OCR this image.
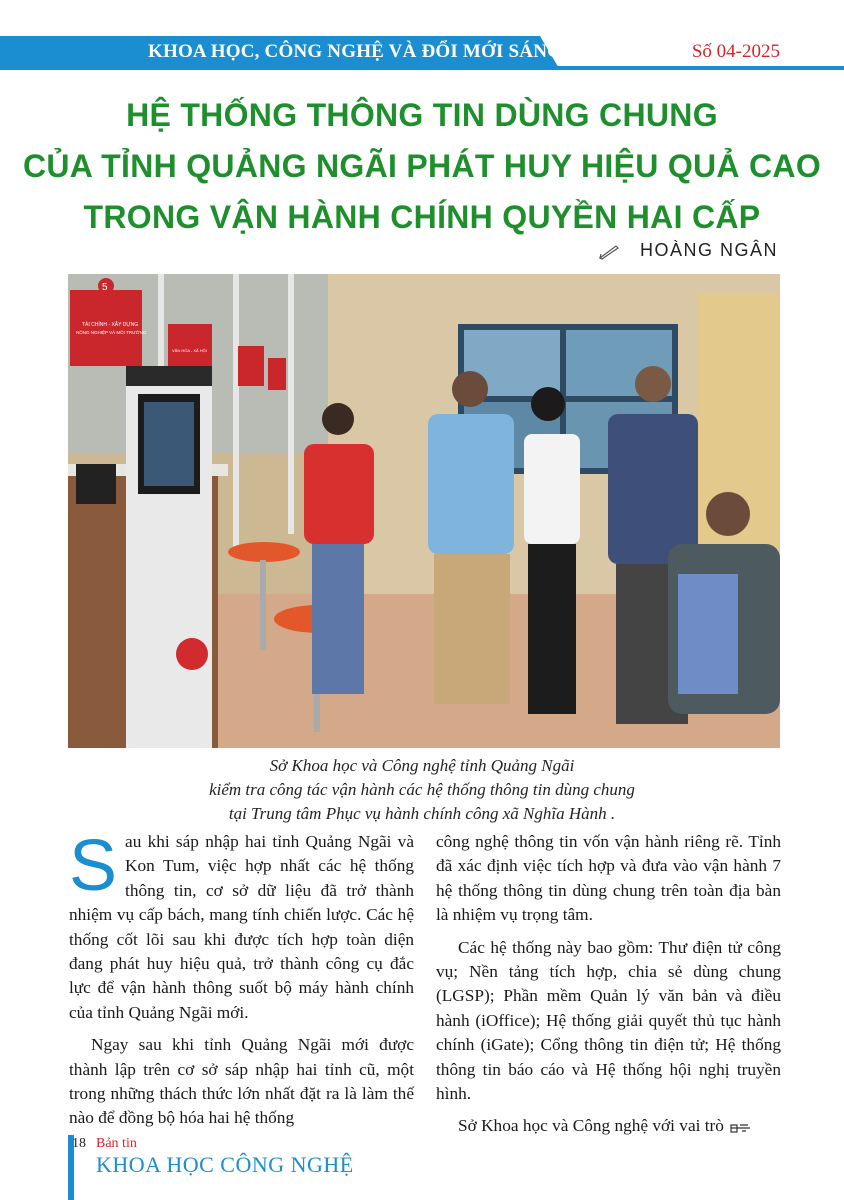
KHOA HỌC, CÔNG NGHỆ VÀ ĐỔI MỚI SÁNG TẠO	Số 04-2025
HỆ THỐNG THÔNG TIN DÙNG CHUNG
CỦA TỈNH QUẢNG NGÃI PHÁT HUY HIỆU QUẢ CAO
TRONG VẬN HÀNH CHÍNH QUYỀN HAI CẤP
HOÀNG NGÂN
5
TÀI CHÍNH - XÂY DỰNG
NÔNG NGHIỆP VÀ MÔI TRƯỜNG
VĂN HÓA - XÃ HỘI
Sở Khoa học và Công nghệ tỉnh Quảng Ngãi
kiểm tra công tác vận hành các hệ thống thông tin dùng chung
tại Trung tâm Phục vụ hành chính công xã Nghĩa Hành .

Sau khi sáp nhập hai tỉnh Quảng Ngãi và Kon Tum, việc hợp nhất các hệ thống thông tin, cơ sở dữ liệu đã trở thành nhiệm vụ cấp bách, mang tính chiến lược. Các hệ thống cốt lõi sau khi được tích hợp toàn diện đang phát huy hiệu quả, trở thành công cụ đắc lực để vận hành thông suốt bộ máy hành chính của tỉnh Quảng Ngãi mới.

Ngay sau khi tỉnh Quảng Ngãi mới được thành lập trên cơ sở sáp nhập hai tỉnh cũ, một trong những thách thức lớn nhất đặt ra là làm thế nào để đồng bộ hóa hai hệ thống

công nghệ thông tin vốn vận hành riêng rẽ. Tỉnh đã xác định việc tích hợp và đưa vào vận hành 7 hệ thống thông tin dùng chung trên toàn địa bàn là nhiệm vụ trọng tâm.

Các hệ thống này bao gồm: Thư điện tử công vụ; Nền tảng tích hợp, chia sẻ dùng chung (LGSP); Phần mềm Quản lý văn bản và điều hành (iOffice); Hệ thống giải quyết thủ tục hành chính (iGate); Cổng thông tin điện tử; Hệ thống thông tin báo cáo và Hệ thống hội nghị truyền hình.

Sở Khoa học và Công nghệ với vai trò

18 Bản tin
KHOA HỌC CÔNG NGHỆ
